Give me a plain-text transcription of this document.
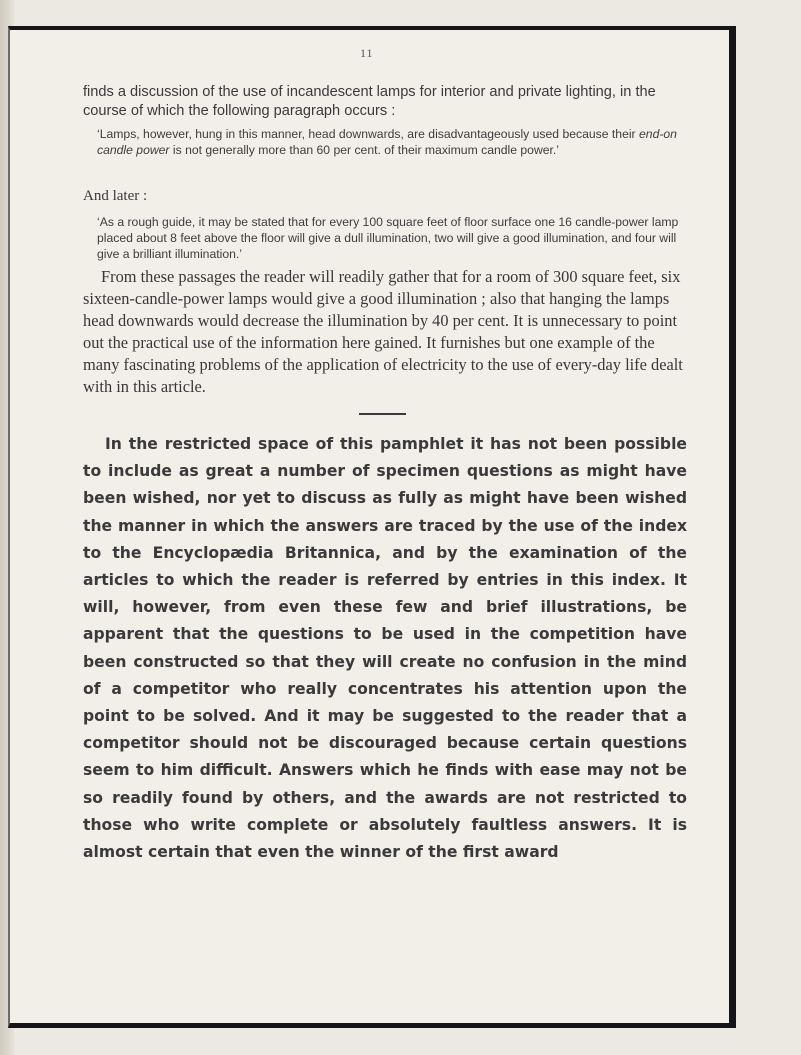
11
finds a discussion of the use of incandescent lamps for interior and private lighting, in the course of which the following paragraph occurs :
‘Lamps, however, hung in this manner, head downwards, are disadvantageously used because their end-on candle power is not generally more than 60 per cent. of their maximum candle power.’
And later :
‘As a rough guide, it may be stated that for every 100 square feet of floor surface one 16 candle-power lamp placed about 8 feet above the floor will give a dull illumination, two will give a good illumination, and four will give a brilliant illumination.’
From these passages the reader will readily gather that for a room of 300 square feet, six sixteen-candle-power lamps would give a good illumination ; also that hanging the lamps head downwards would decrease the illumination by 40 per cent. It is unnecessary to point out the practical use of the information here gained. It furnishes but one example of the many fascinating problems of the application of electricity to the use of every-day life dealt with in this article.
In the restricted space of this pamphlet it has not been possible to include as great a number of specimen questions as might have been wished, nor yet to discuss as fully as might have been wished the manner in which the answers are traced by the use of the index to the Encyclopædia Britannica, and by the examination of the articles to which the reader is referred by entries in this index. It will, however, from even these few and brief illustrations, be apparent that the questions to be used in the competition have been constructed so that they will create no confusion in the mind of a competitor who really concentrates his attention upon the point to be solved. And it may be suggested to the reader that a competitor should not be discouraged because certain questions seem to him difficult. Answers which he finds with ease may not be so readily found by others, and the awards are not restricted to those who write complete or absolutely faultless answers. It is almost certain that even the winner of the first award
